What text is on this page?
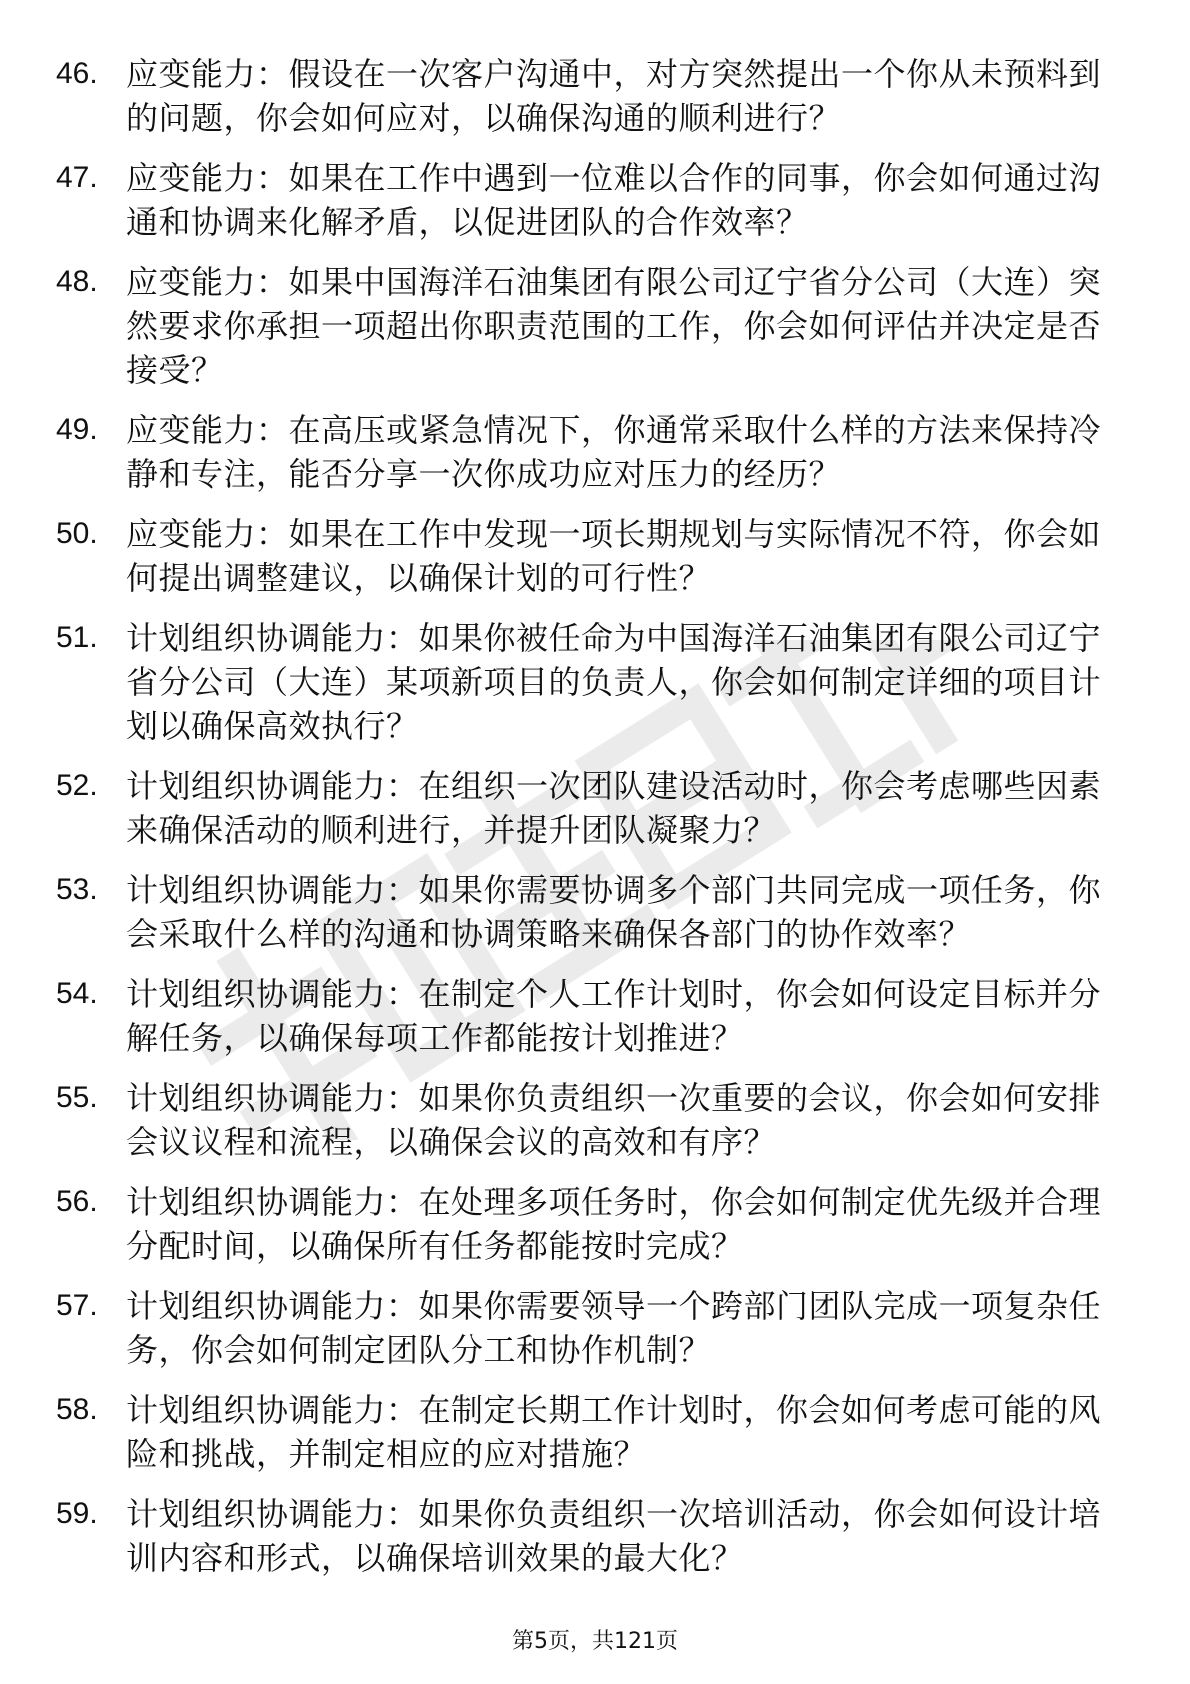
46. 应变能力：假设在一次客户沟通中，对方突然提出一个你从未预料到的问题，你会如何应对，以确保沟通的顺利进行？
47. 应变能力：如果在工作中遇到一位难以合作的同事，你会如何通过沟通和协调来化解矛盾，以促进团队的合作效率？
48. 应变能力：如果中国海洋石油集团有限公司辽宁省分公司（大连）突然要求你承担一项超出你职责范围的工作，你会如何评估并决定是否接受？
49. 应变能力：在高压或紧急情况下，你通常采取什么样的方法来保持冷静和专注，能否分享一次你成功应对压力的经历？
50. 应变能力：如果在工作中发现一项长期规划与实际情况不符，你会如何提出调整建议，以确保计划的可行性？
51. 计划组织协调能力：如果你被任命为中国海洋石油集团有限公司辽宁省分公司（大连）某项新项目的负责人，你会如何制定详细的项目计划以确保高效执行？
52. 计划组织协调能力：在组织一次团队建设活动时，你会考虑哪些因素来确保活动的顺利进行，并提升团队凝聚力？
53. 计划组织协调能力：如果你需要协调多个部门共同完成一项任务，你会采取什么样的沟通和协调策略来确保各部门的协作效率？
54. 计划组织协调能力：在制定个人工作计划时，你会如何设定目标并分解任务，以确保每项工作都能按计划推进？
55. 计划组织协调能力：如果你负责组织一次重要的会议，你会如何安排会议议程和流程，以确保会议的高效和有序？
56. 计划组织协调能力：在处理多项任务时，你会如何制定优先级并合理分配时间，以确保所有任务都能按时完成？
57. 计划组织协调能力：如果你需要领导一个跨部门团队完成一项复杂任务，你会如何制定团队分工和协作机制？
58. 计划组织协调能力：在制定长期工作计划时，你会如何考虑可能的风险和挑战，并制定相应的应对措施？
59. 计划组织协调能力：如果你负责组织一次培训活动，你会如何设计培训内容和形式，以确保培训效果的最大化？
第5页，共121页
